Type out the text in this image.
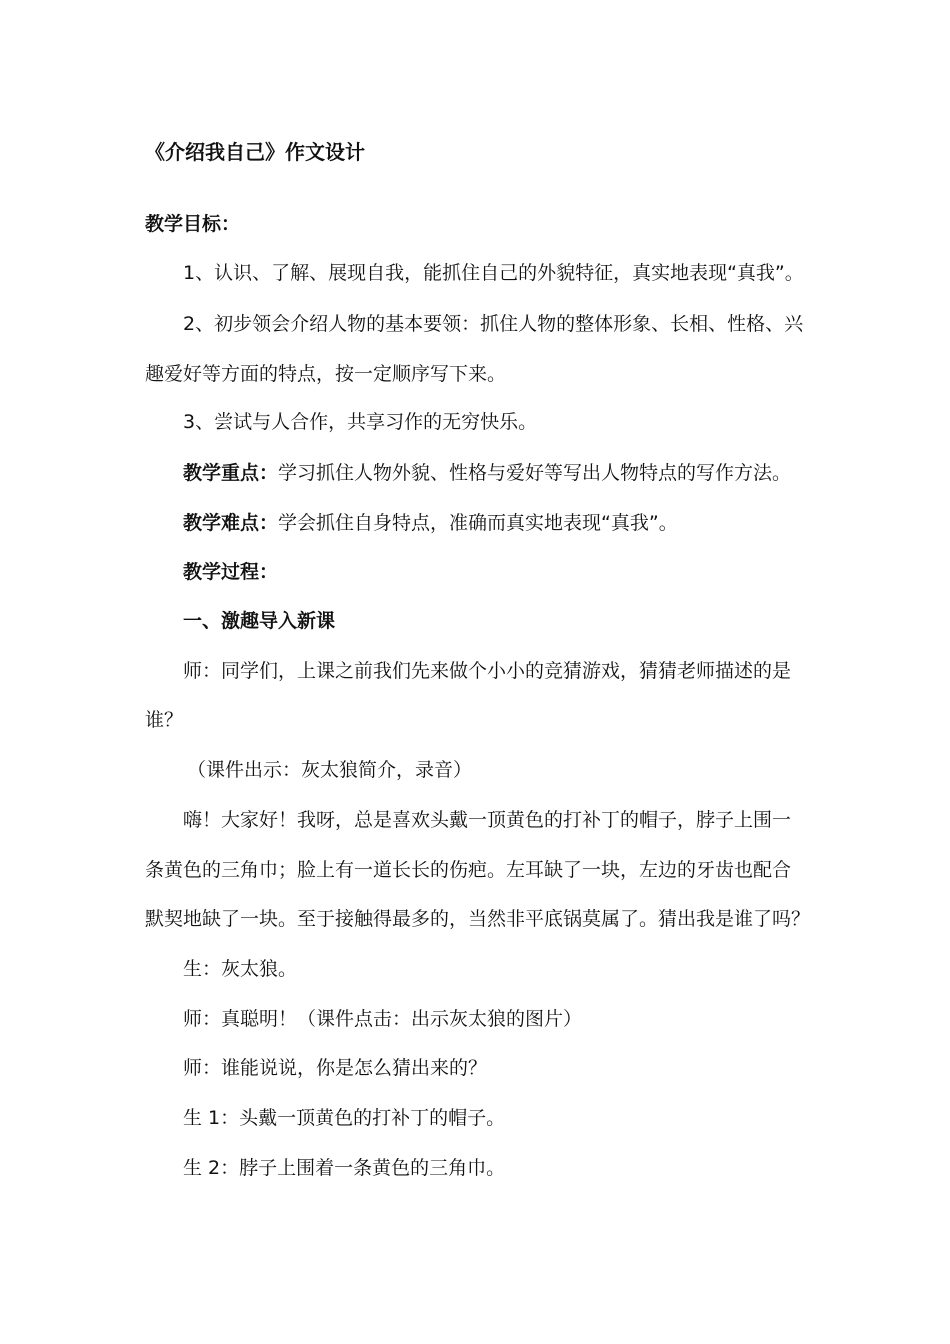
《介绍我自己》作文设计
教学目标：
1、认识、了解、展现自我，能抓住自己的外貌特征，真实地表现“真我”。
2、初步领会介绍人物的基本要领：抓住人物的整体形象、长相、性格、兴
趣爱好等方面的特点，按一定顺序写下来。
3、尝试与人合作，共享习作的无穷快乐。
教学重点：学习抓住人物外貌、性格与爱好等写出人物特点的写作方法。
教学难点：学会抓住自身特点，准确而真实地表现“真我”。
教学过程：
一、激趣导入新课
师：同学们，上课之前我们先来做个小小的竞猜游戏，猜猜老师描述的是
谁？
（课件出示：灰太狼简介，录音）
嗨！大家好！我呀，总是喜欢头戴一顶黄色的打补丁的帽子，脖子上围一
条黄色的三角巾；脸上有一道长长的伤疤。左耳缺了一块，左边的牙齿也配合
默契地缺了一块。至于接触得最多的，当然非平底锅莫属了。猜出我是谁了吗？
生：灰太狼。
师：真聪明！（课件点击：出示灰太狼的图片）
师：谁能说说，你是怎么猜出来的？
生 1：头戴一顶黄色的打补丁的帽子。
生 2：脖子上围着一条黄色的三角巾。
